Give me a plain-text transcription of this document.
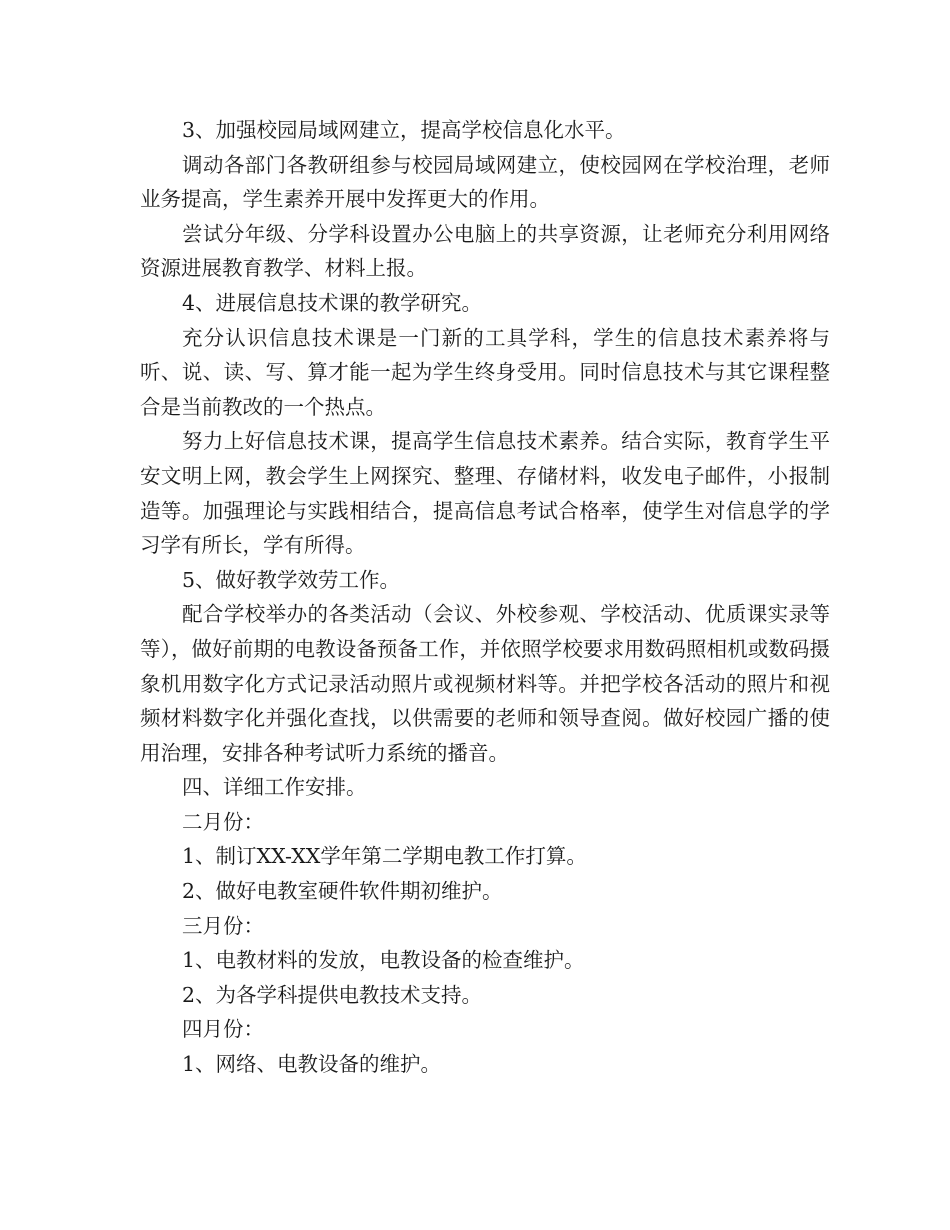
3、加强校园局域网建立，提高学校信息化水平。

调动各部门各教研组参与校园局域网建立，使校园网在学校治理，老师业务提高，学生素养开展中发挥更大的作用。

尝试分年级、分学科设置办公电脑上的共享资源，让老师充分利用网络资源进展教育教学、材料上报。

4、进展信息技术课的教学研究。

充分认识信息技术课是一门新的工具学科，学生的信息技术素养将与听、说、读、写、算才能一起为学生终身受用。同时信息技术与其它课程整合是当前教改的一个热点。

努力上好信息技术课，提高学生信息技术素养。结合实际，教育学生平安文明上网，教会学生上网探究、整理、存储材料，收发电子邮件，小报制造等。加强理论与实践相结合，提高信息考试合格率，使学生对信息学的学习学有所长，学有所得。

5、做好教学效劳工作。

配合学校举办的各类活动（会议、外校参观、学校活动、优质课实录等等），做好前期的电教设备预备工作，并依照学校要求用数码照相机或数码摄象机用数字化方式记录活动照片或视频材料等。并把学校各活动的照片和视频材料数字化并强化查找，以供需要的老师和领导查阅。做好校园广播的使用治理，安排各种考试听力系统的播音。

四、详细工作安排。

二月份：

1、制订XX-XX学年第二学期电教工作打算。

2、做好电教室硬件软件期初维护。

三月份：

1、电教材料的发放，电教设备的检查维护。

2、为各学科提供电教技术支持。

四月份：

1、网络、电教设备的维护。
